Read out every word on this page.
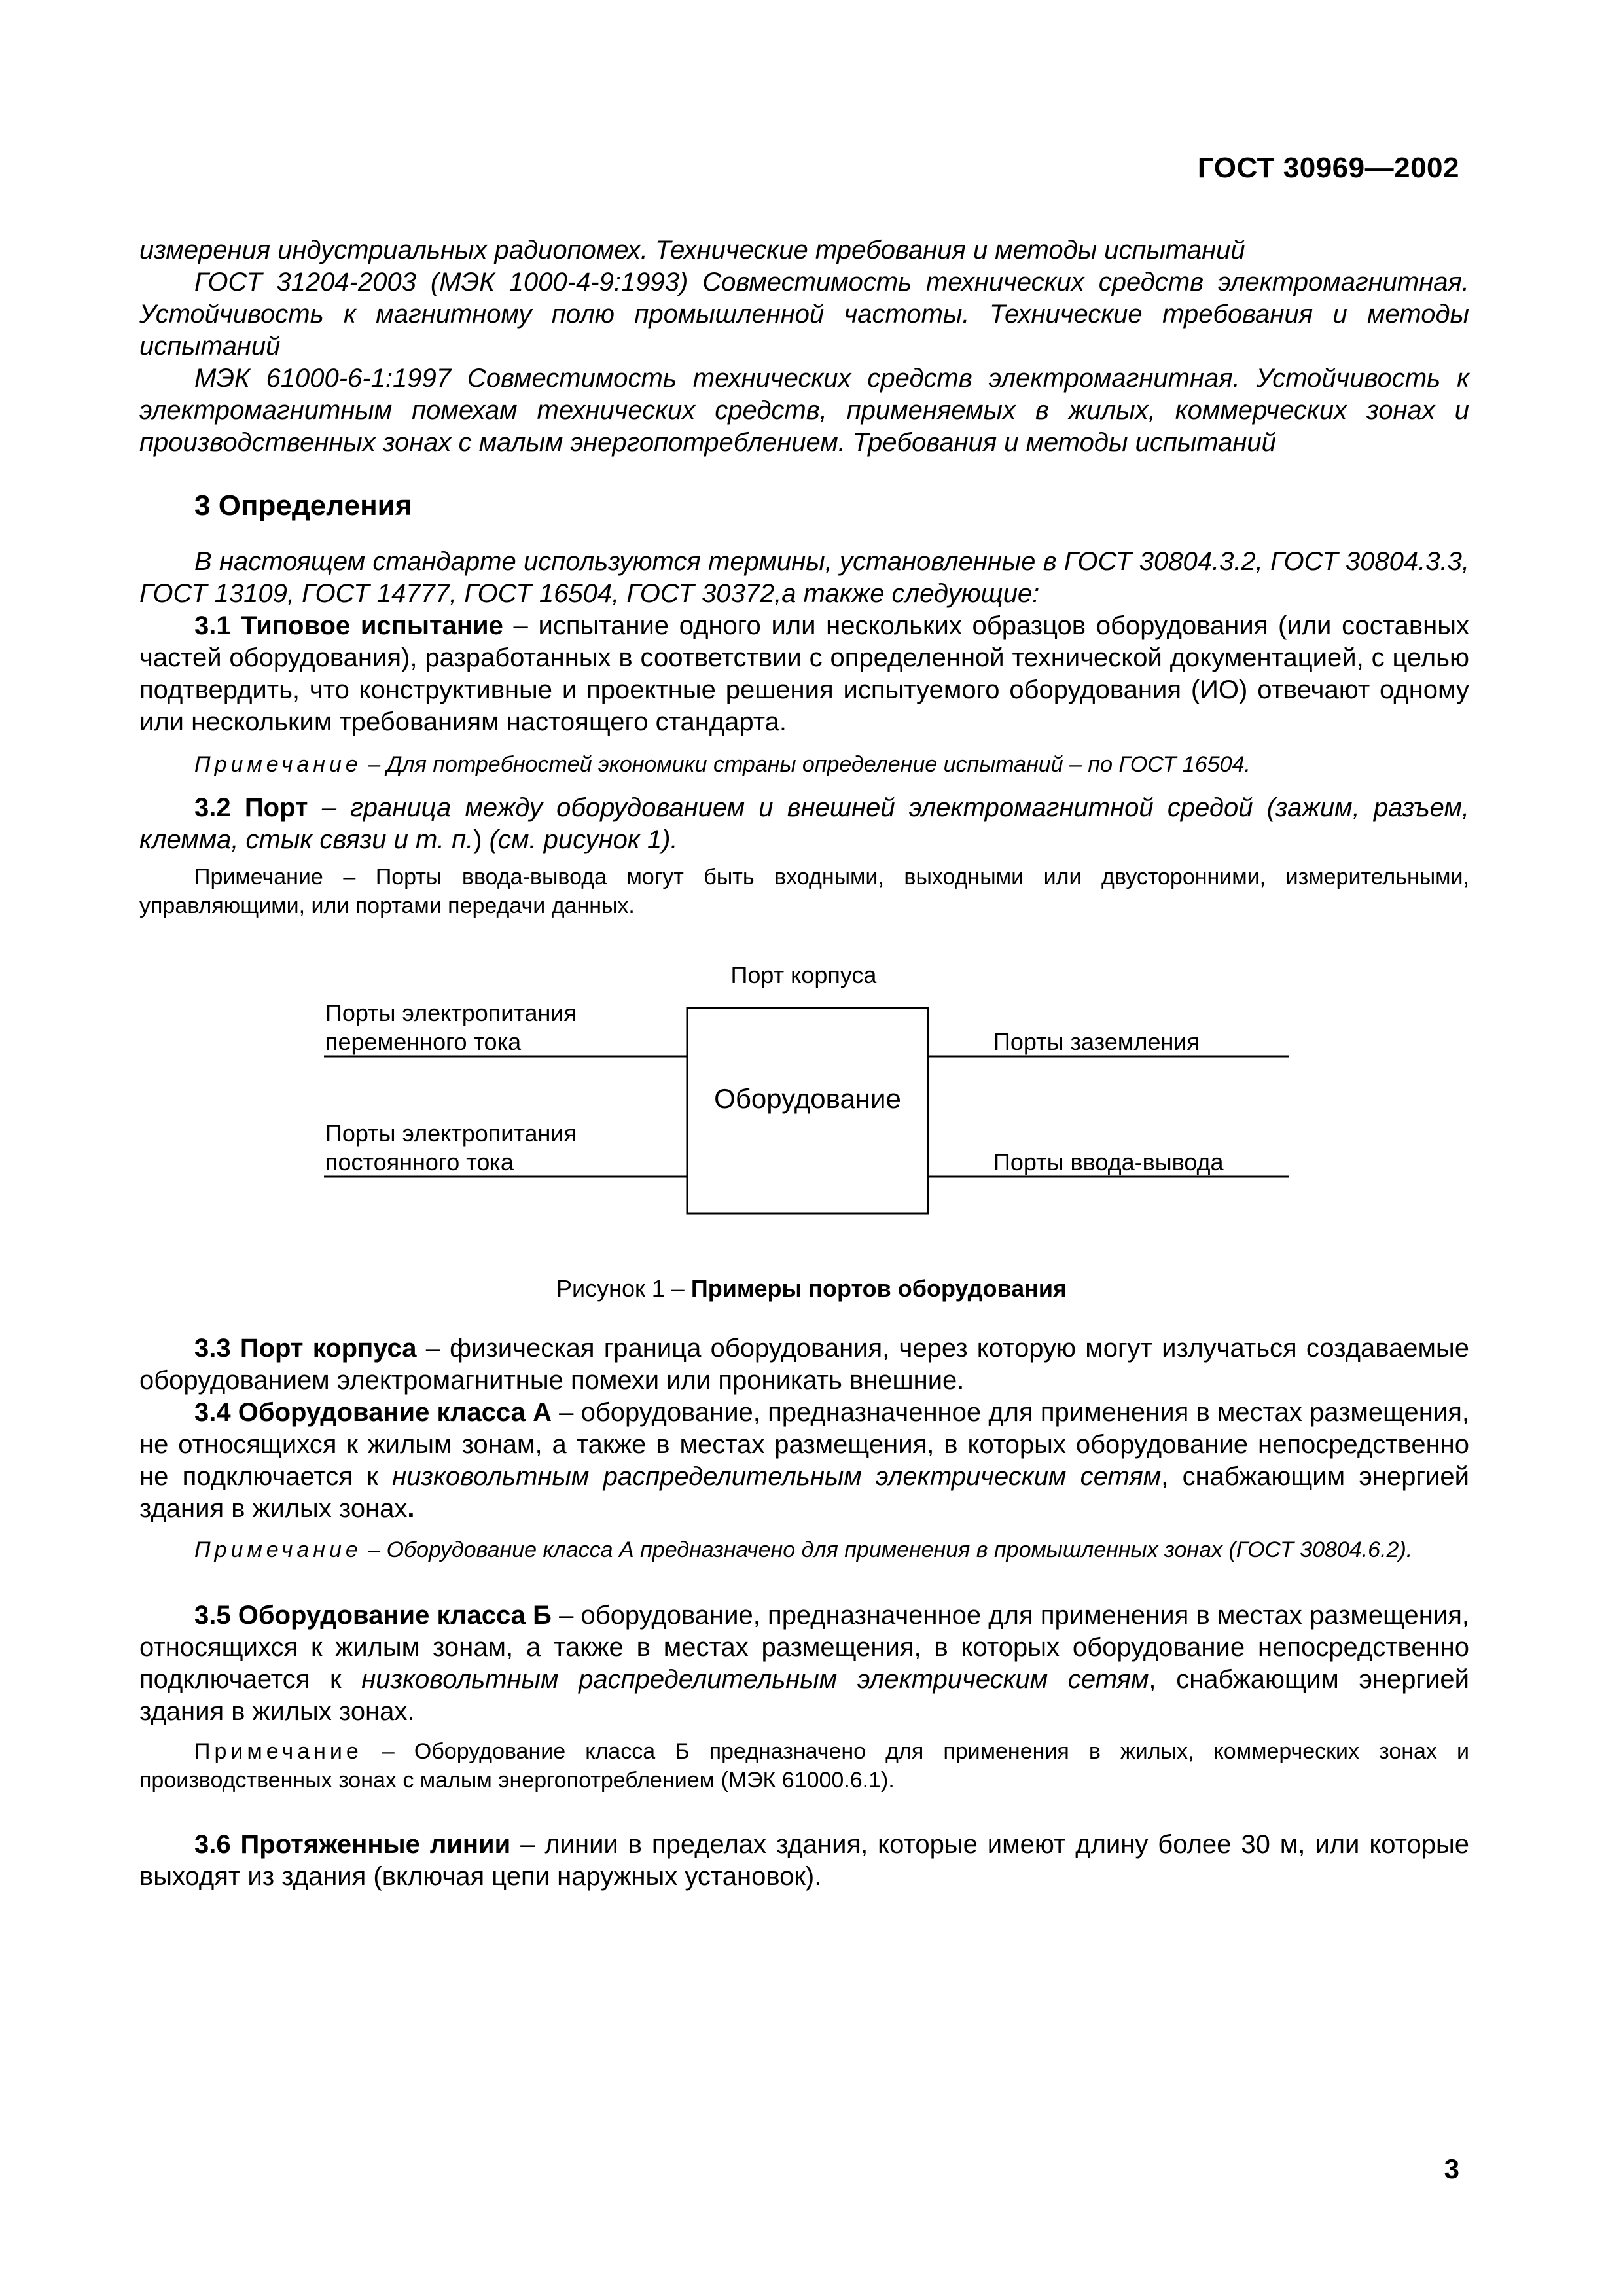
ГОСТ 30969—2002

измерения индустриальных радиопомех. Технические требования и методы испытаний

ГОСТ 31204-2003 (МЭК 1000-4-9:1993) Совместимость технических средств электромагнитная. Устойчивость к магнитному полю промышленной частоты. Технические требования и методы испытаний

МЭК 61000-6-1:1997 Совместимость технических средств электромагнитная. Устойчивость к электромагнитным помехам технических средств, применяемых в жилых, коммерческих зонах и производственных зонах с малым энергопотреблением. Требования и методы испытаний

3 Определения
В настоящем стандарте используются термины, установленные в ГОСТ 30804.3.2, ГОСТ 30804.3.3, ГОСТ 13109, ГОСТ 14777, ГОСТ 16504, ГОСТ 30372,а также следующие:
3.1 Типовое испытание – испытание одного или нескольких образцов оборудования (или составных частей оборудования), разработанных в соответствии с определенной технической документацией, с целью подтвердить, что конструктивные и проектные решения испытуемого оборудования (ИО) отвечают одному или нескольким требованиям настоящего стандарта.
Примечание – Для потребностей экономики страны определение испытаний – по ГОСТ 16504.
3.2 Порт – граница между оборудованием и внешней электромагнитной средой (зажим, разъем, клемма, стык связи и т. п.) (см. рисунок 1).
Примечание – Порты ввода-вывода могут быть входными, выходными или двусторонними, измерительными, управляющими, или портами передачи данных.
Порт корпуса
Оборудование
Порты электропитания
переменного тока
Порты электропитания
постоянного тока
Порты заземления
Порты ввода-вывода
Рисунок 1 – Примеры портов оборудования
3.3 Порт корпуса – физическая граница оборудования, через которую могут излучаться создаваемые оборудованием электромагнитные помехи или проникать внешние.
3.4 Оборудование класса А – оборудование, предназначенное для применения в местах размещения, не относящихся к жилым зонам, а также в местах размещения, в которых оборудование непосредственно не подключается к низковольтным распределительным электрическим сетям, снабжающим энергией здания в жилых зонах.
Примечание – Оборудование класса А предназначено для применения в промышленных зонах (ГОСТ 30804.6.2).
3.5 Оборудование класса Б – оборудование, предназначенное для применения в местах размещения, относящихся к жилым зонам, а также в местах размещения, в которых оборудование непосредственно подключается к низковольтным распределительным электрическим сетям, снабжающим энергией здания в жилых зонах.
Примечание – Оборудование класса Б предназначено для применения в жилых, коммерческих зонах и производственных зонах с малым энергопотреблением (МЭК 61000.6.1).
3.6 Протяженные линии – линии в пределах здания, которые имеют длину более 30 м, или которые выходят из здания (включая цепи наружных установок).
3
